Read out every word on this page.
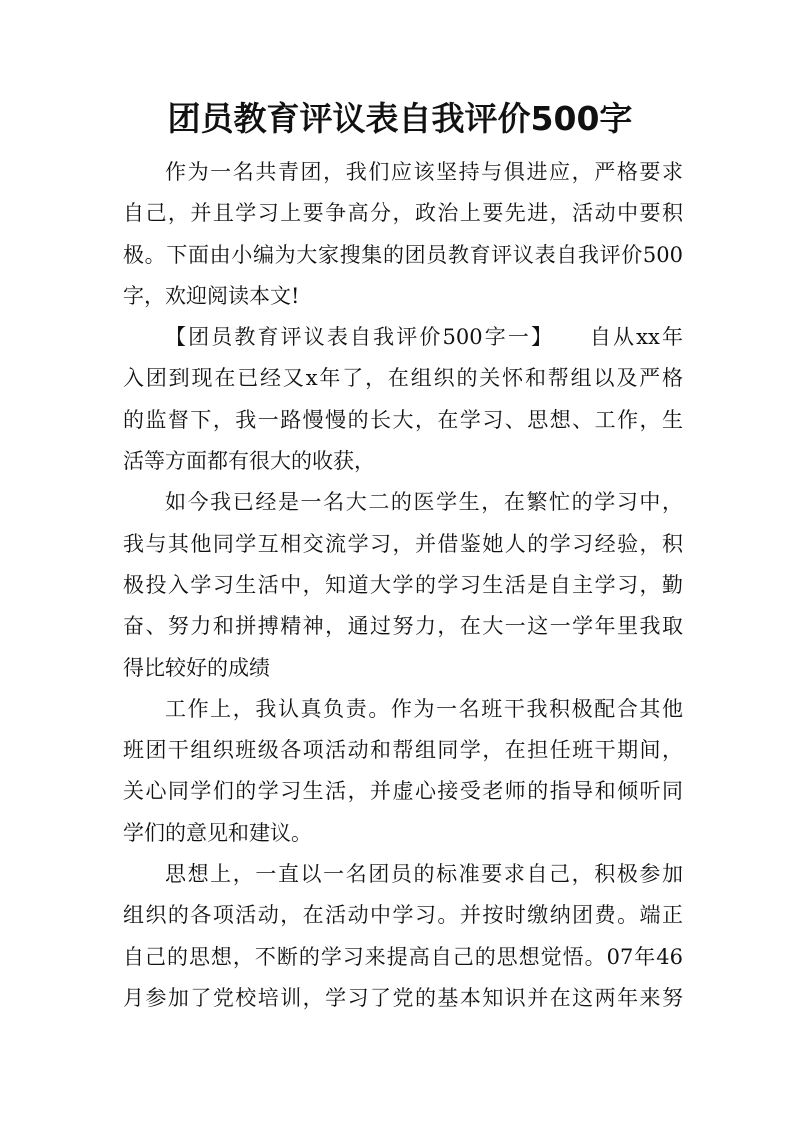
团员教育评议表自我评价500字
作为一名共青团，我们应该坚持与俱进应，严格要求
自己，并且学习上要争高分，政治上要先进，活动中要积
极。下面由小编为大家搜集的团员教育评议表自我评价500
字，欢迎阅读本文!
【团员教育评议表自我评价500字一】　　自从xx年
入团到现在已经又x年了，在组织的关怀和帮组以及严格
的监督下，我一路慢慢的长大，在学习、思想、工作，生
活等方面都有很大的收获，
如今我已经是一名大二的医学生，在繁忙的学习中，
我与其他同学互相交流学习，并借鉴她人的学习经验，积
极投入学习生活中，知道大学的学习生活是自主学习，勤
奋、努力和拼搏精神，通过努力，在大一这一学年里我取
得比较好的成绩
工作上，我认真负责。作为一名班干我积极配合其他
班团干组织班级各项活动和帮组同学，在担任班干期间，
关心同学们的学习生活，并虚心接受老师的指导和倾听同
学们的意见和建议。
思想上，一直以一名团员的标准要求自己，积极参加
组织的各项活动，在活动中学习。并按时缴纳团费。端正
自己的思想，不断的学习来提高自己的思想觉悟。07年46
月参加了党校培训，学习了党的基本知识并在这两年来努
